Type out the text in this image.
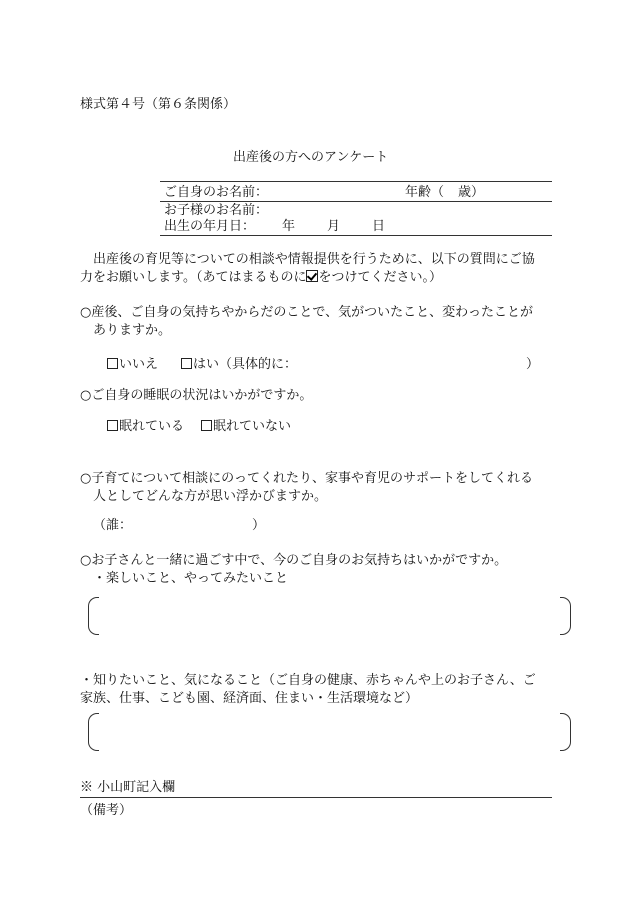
様式第４号（第６条関係）
出産後の方へのアンケート
ご自身のお名前：	年齢（ 歳）
お子様のお名前：
出生の年月日： 年 月 日
出産後の育児等についての相談や情報提供を行うために、以下の質問にご協
力をお願いします。（あてはまるものに をつけてください。）
○産後、ご自身の気持ちやからだのことで、気がついたこと、変わったことが
ありますか。
いいえ	はい（具体的に：	）
○ご自身の睡眠の状況はいかがですか。
眠れている	眠れていない
○子育てについて相談にのってくれたり、家事や育児のサポートをしてくれる
人としてどんな方が思い浮かびますか。
（誰：	）
○お子さんと一緒に過ごす中で、今のご自身のお気持ちはいかがですか。
・楽しいこと、やってみたいこと
・知りたいこと、気になること（ご自身の健康、赤ちゃんや上のお子さん、ご
家族、仕事、こども園、経済面、住まい・生活環境など）
※ 小山町記入欄
（備考）
